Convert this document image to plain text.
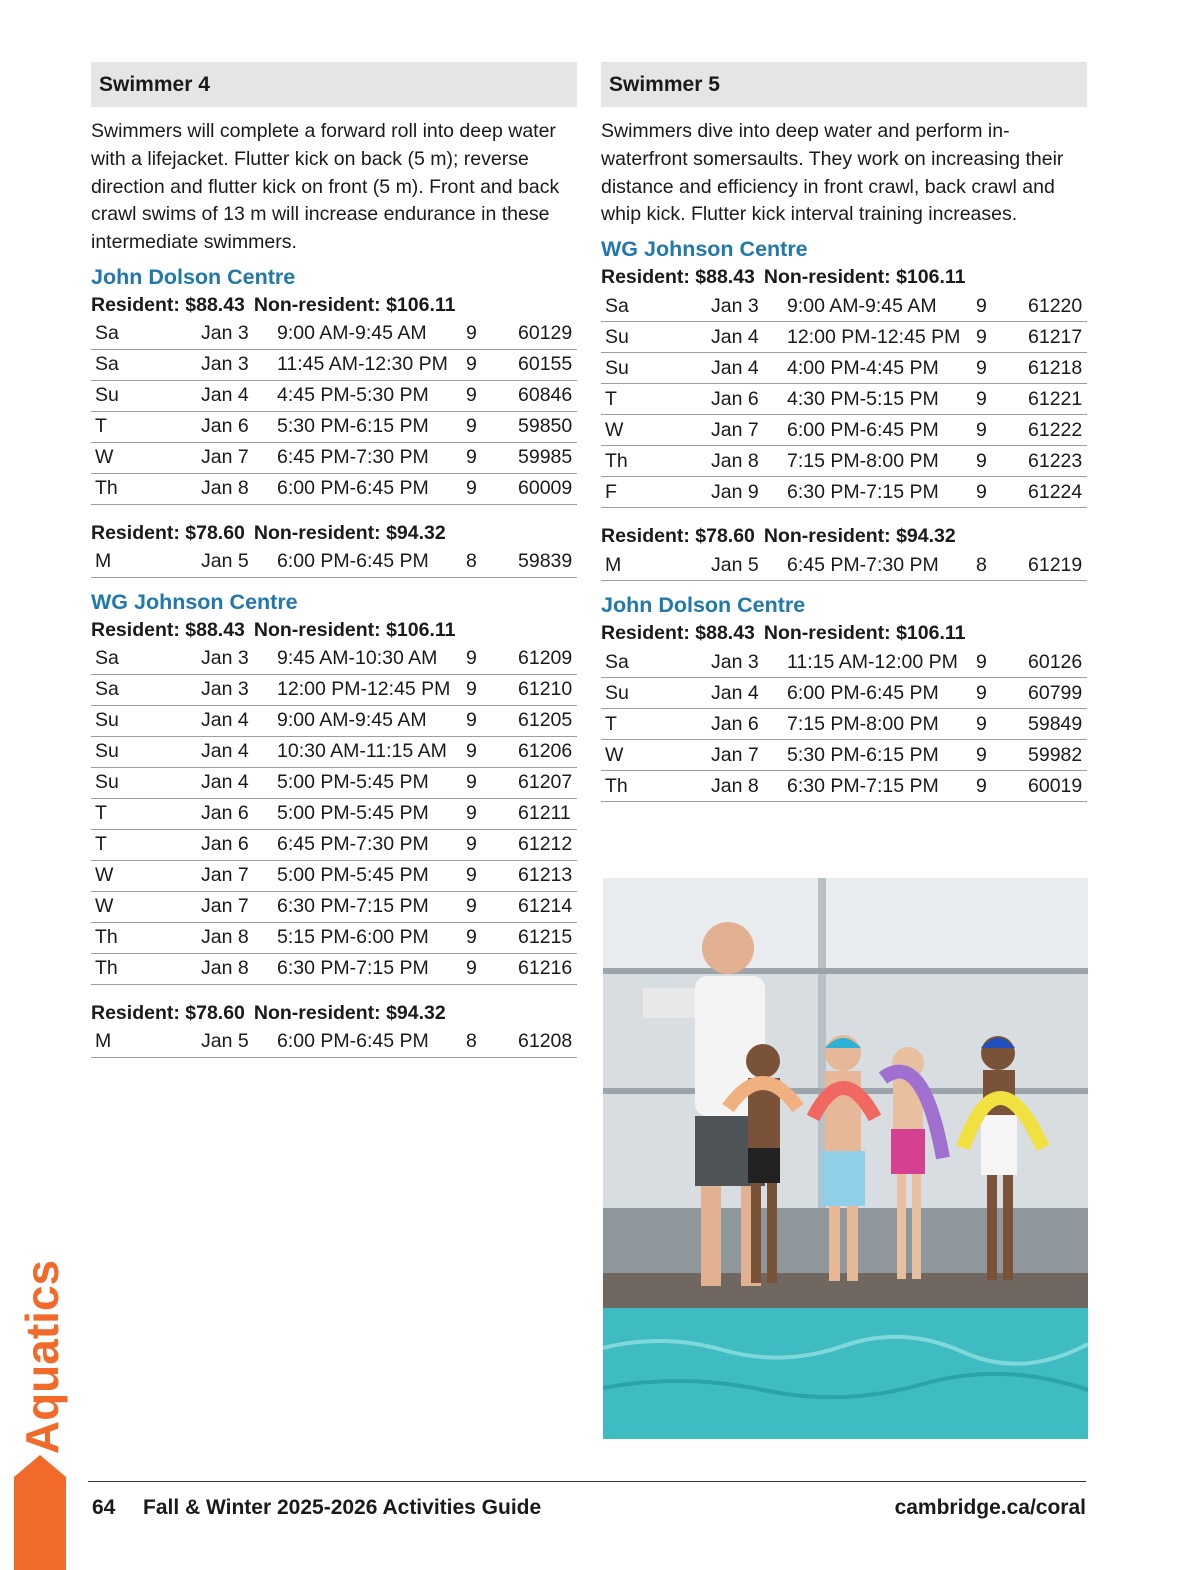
Swimmer 4
Swimmers will complete a forward roll into deep water with a lifejacket. Flutter kick on back (5 m); reverse direction and flutter kick on front (5 m). Front and back crawl swims of 13 m will increase endurance in these intermediate swimmers.
John Dolson Centre
Resident: $88.43 Non-resident: $106.11
Sa	Jan 3	9:00 AM-9:45 AM	9	60129
Sa	Jan 3	11:45 AM-12:30 PM	9	60155
Su	Jan 4	4:45 PM-5:30 PM	9	60846
T	Jan 6	5:30 PM-6:15 PM	9	59850
W	Jan 7	6:45 PM-7:30 PM	9	59985
Th	Jan 8	6:00 PM-6:45 PM	9	60009
Resident: $78.60 Non-resident: $94.32
M	Jan 5	6:00 PM-6:45 PM	8	59839
WG Johnson Centre
Resident: $88.43 Non-resident: $106.11
Sa	Jan 3	9:45 AM-10:30 AM	9	61209
Sa	Jan 3	12:00 PM-12:45 PM	9	61210
Su	Jan 4	9:00 AM-9:45 AM	9	61205
Su	Jan 4	10:30 AM-11:15 AM	9	61206
Su	Jan 4	5:00 PM-5:45 PM	9	61207
T	Jan 6	5:00 PM-5:45 PM	9	61211
T	Jan 6	6:45 PM-7:30 PM	9	61212
W	Jan 7	5:00 PM-5:45 PM	9	61213
W	Jan 7	6:30 PM-7:15 PM	9	61214
Th	Jan 8	5:15 PM-6:00 PM	9	61215
Th	Jan 8	6:30 PM-7:15 PM	9	61216
Resident: $78.60 Non-resident: $94.32
M	Jan 5	6:00 PM-6:45 PM	8	61208
Swimmer 5
Swimmers dive into deep water and perform in-waterfront somersaults. They work on increasing their distance and efficiency in front crawl, back crawl and whip kick. Flutter kick interval training increases.
WG Johnson Centre
Resident: $88.43 Non-resident: $106.11
Sa	Jan 3	9:00 AM-9:45 AM	9	61220
Su	Jan 4	12:00 PM-12:45 PM	9	61217
Su	Jan 4	4:00 PM-4:45 PM	9	61218
T	Jan 6	4:30 PM-5:15 PM	9	61221
W	Jan 7	6:00 PM-6:45 PM	9	61222
Th	Jan 8	7:15 PM-8:00 PM	9	61223
F	Jan 9	6:30 PM-7:15 PM	9	61224
Resident: $78.60 Non-resident: $94.32
M	Jan 5	6:45 PM-7:30 PM	8	61219
John Dolson Centre
Resident: $88.43 Non-resident: $106.11
Sa	Jan 3	11:15 AM-12:00 PM	9	60126
Su	Jan 4	6:00 PM-6:45 PM	9	60799
T	Jan 6	7:15 PM-8:00 PM	9	59849
W	Jan 7	5:30 PM-6:15 PM	9	59982
Th	Jan 8	6:30 PM-7:15 PM	9	60019
Aquatics
64 Fall & Winter 2025-2026 Activities Guide	cambridge.ca/coral
